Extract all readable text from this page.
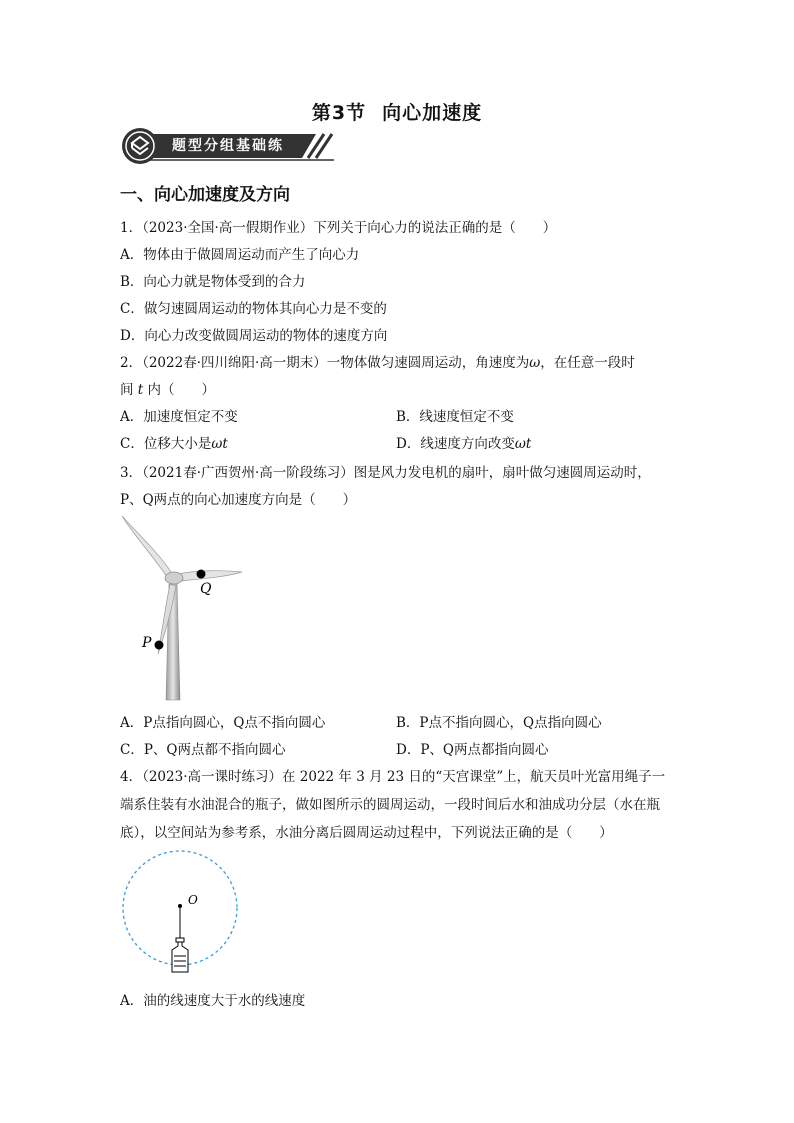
第3节 向心加速度
题型分组基础练
一、向心加速度及方向
1．（2023·全国·高一假期作业）下列关于向心力的说法正确的是（　　）
A．物体由于做圆周运动而产生了向心力
B．向心力就是物体受到的合力
C．做匀速圆周运动的物体其向心力是不变的
D．向心力改变做圆周运动的物体的速度方向
2．（2022春·四川绵阳·高一期末）一物体做匀速圆周运动，角速度为ω，在任意一段时
间 t 内（　　）
A．加速度恒定不变	B．线速度恒定不变
C．位移大小是ωt	D．线速度方向改变ωt
3．（2021春·广西贺州·高一阶段练习）图是风力发电机的扇叶，扇叶做匀速圆周运动时，
P、Q两点的向心加速度方向是（　　）
Q
P
A．P点指向圆心，Q点不指向圆心	B．P点不指向圆心，Q点指向圆心
C．P、Q两点都不指向圆心	D．P、Q两点都指向圆心
4．（2023·高一课时练习）在 2022 年 3 月 23 日的“天宫课堂”上，航天员叶光富用绳子一
端系住装有水油混合的瓶子，做如图所示的圆周运动，一段时间后水和油成功分层（水在瓶
底），以空间站为参考系，水油分离后圆周运动过程中，下列说法正确的是（　　）
O
A．油的线速度大于水的线速度
